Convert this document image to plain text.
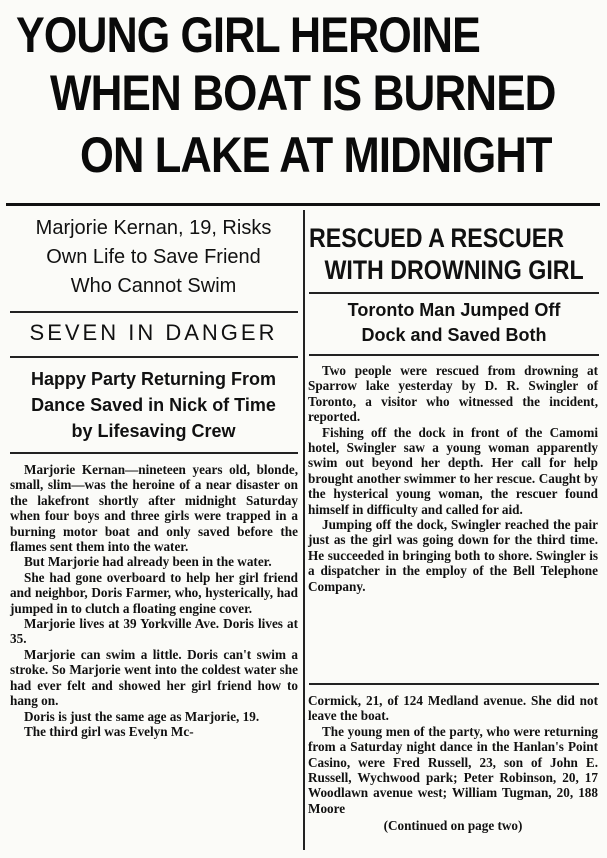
YOUNG GIRL HEROINE
WHEN BOAT IS BURNED
ON LAKE AT MIDNIGHT
Marjorie Kernan, 19, Risks
Own Life to Save Friend
Who Cannot Swim
SEVEN IN DANGER
Happy Party Returning From
Dance Saved in Nick of Time
by Lifesaving Crew

Marjorie Kernan—nineteen years old, blonde, small, slim—was the heroine of a near disaster on the lakefront shortly after midnight Saturday when four boys and three girls were trapped in a burning motor boat and only saved before the flames sent them into the water.

But Marjorie had already been in the water.

She had gone overboard to help her girl friend and neighbor, Doris Farmer, who, hysterically, had jumped in to clutch a floating engine cover.

Marjorie lives at 39 Yorkville Ave. Doris lives at 35.

Marjorie can swim a little. Doris can't swim a stroke. So Marjorie went into the coldest water she had ever felt and showed her girl friend how to hang on.

Doris is just the same age as Marjorie, 19.

The third girl was Evelyn Mc-

RESCUED A RESCUER
WITH DROWNING GIRL
Toronto Man Jumped Off
Dock and Saved Both

Two people were rescued from drowning at Sparrow lake yesterday by D. R. Swingler of Toronto, a visitor who witnessed the incident, reported.

Fishing off the dock in front of the Camomi hotel, Swingler saw a young woman apparently swim out beyond her depth. Her call for help brought another swimmer to her rescue. Caught by the hysterical young woman, the rescuer found himself in difficulty and called for aid.

Jumping off the dock, Swingler reached the pair just as the girl was going down for the third time. He succeeded in bringing both to shore. Swingler is a dispatcher in the employ of the Bell Telephone Company.

Cormick, 21, of 124 Medland avenue. She did not leave the boat.

The young men of the party, who were returning from a Saturday night dance in the Hanlan's Point Casino, were Fred Russell, 23, son of John E. Russell, Wychwood park; Peter Robinson, 20, 17 Woodlawn avenue west; William Tugman, 20, 188 Moore

(Continued on page two)
